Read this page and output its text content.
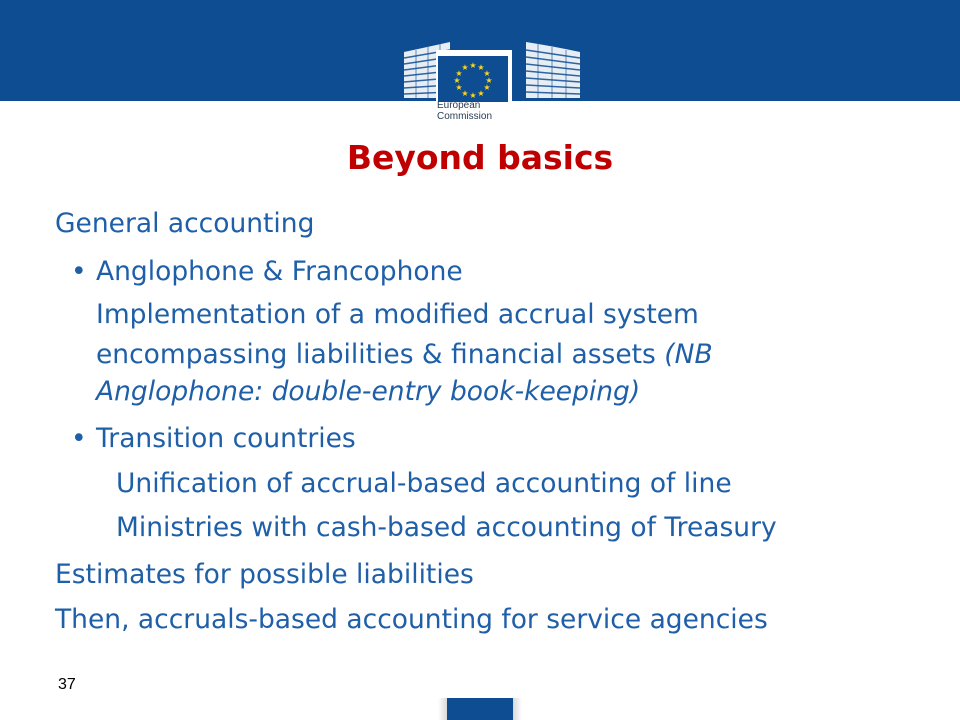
★ ★
★
★
★
★
★
★
★
★
★
★
European
Commission
Beyond basics
General accounting
• Anglophone & Francophone
Implementation of a modified accrual system
encompassing liabilities & financial assets (NB
Anglophone: double-entry book-keeping)
• Transition countries
Unification of accrual-based accounting of line
Ministries with cash-based accounting of Treasury
Estimates for possible liabilities
Then, accruals-based accounting for service agencies
37
